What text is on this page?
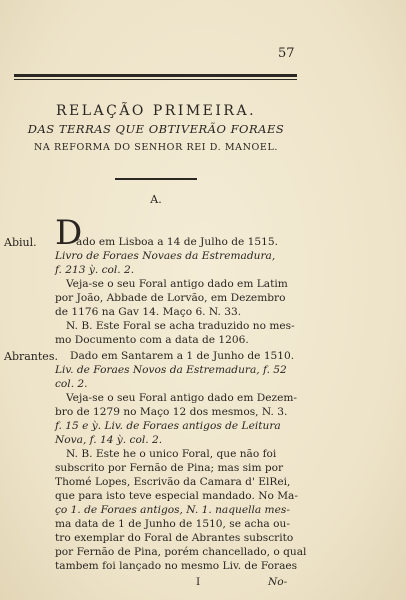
57
RELAÇÃO PRIMEIRA.
DAS TERRAS QUE OBTIVERÃO FORAES
NA REFORMA DO SENHOR REI D. MANOEL.
A.
Abiul. D
ado em Lisboa a 14 de Julho de 1515.
Livro de Foraes Novaes da Estremadura,
f. 213 ỳ. col. 2.
Veja-se o seu Foral antigo dado em Latim
por João, Abbade de Lorvão, em Dezembro
de 1176 na Gav 14. Maço 6. N. 33.
N. B. Este Foral se acha traduzido no mes-
mo Documento com a data de 1206.
Abrantes. Dado em Santarem a 1 de Junho de 1510.
Liv. de Foraes Novos da Estremadura, f. 52
col. 2.
Veja-se o seu Foral antigo dado em Dezem-
bro de 1279 no Maço 12 dos mesmos, N. 3.
f. 15 e ỳ. Liv. de Foraes antigos de Leitura
Nova, f. 14 ỳ. col. 2.
N. B. Este he o unico Foral, que não foi
subscrito por Fernão de Pina; mas sim por
Thomé Lopes, Escrivão da Camara d' ElRei,
que para isto teve especial mandado. No Ma-
ço 1. de Foraes antigos, N. 1. naquella mes-
ma data de 1 de Junho de 1510, se acha ou-
tro exemplar do Foral de Abrantes subscrito
por Fernão de Pina, porém chancellado, o qual
tambem foi lançado no mesmo Liv. de Foraes
I	No-
